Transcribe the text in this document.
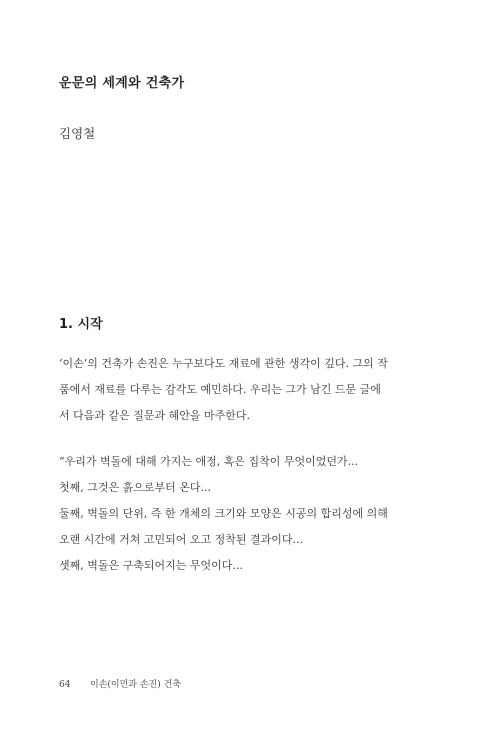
운문의 세계와 건축가
김영철
1. 시작

‘이손’의 건축가 손진은 누구보다도 재료에 관한 생각이 깊다. 그의 작

품에서 재료를 다루는 감각도 예민하다. 우리는 그가 남긴 드문 글에

서 다음과 같은 질문과 혜안을 마주한다.

“우리가 벽돌에 대해 가지는 애정, 혹은 집착이 무엇이었던가...

첫째, 그것은 흙으로부터 온다...

둘째, 벽돌의 단위, 즉 한 개체의 크기와 모양은 시공의 합리성에 의해

오랜 시간에 거쳐 고민되어 오고 정착된 결과이다...

셋째, 벽돌은 구축되어지는 무엇이다...

64 이손(이민과 손진) 건축
